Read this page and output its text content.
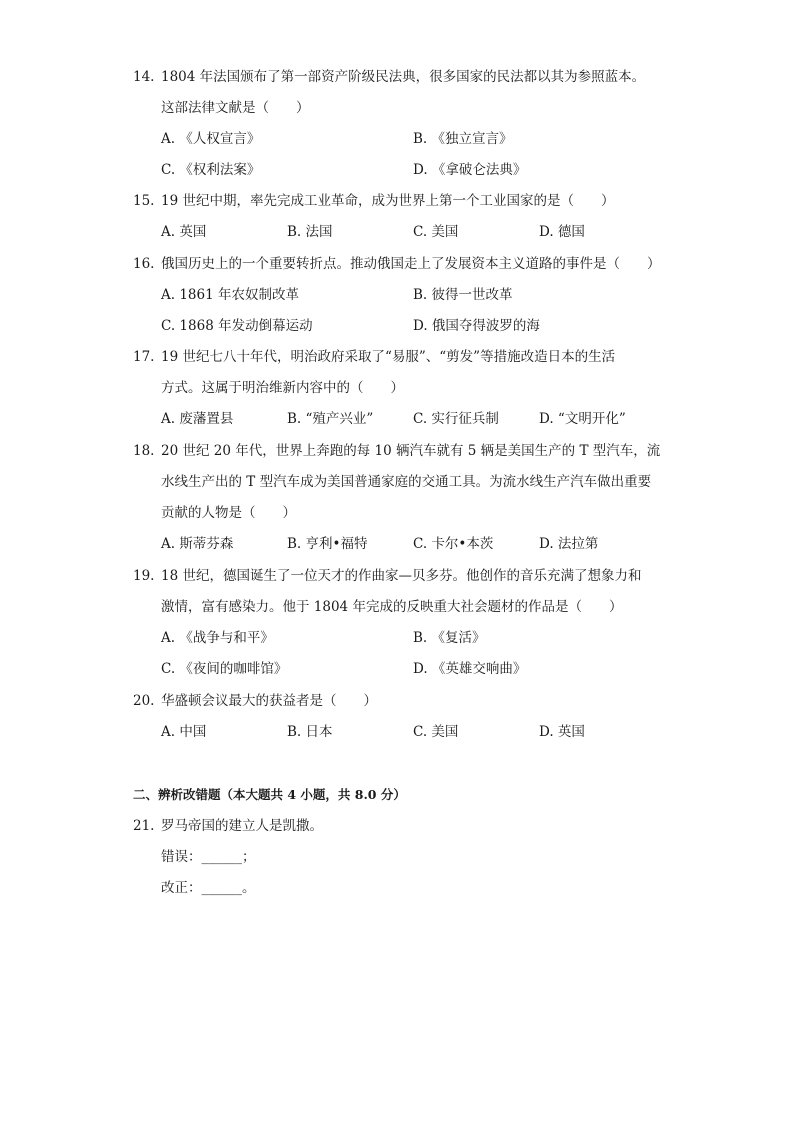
14. 1804 年法国颁布了第一部资产阶级民法典，很多国家的民法都以其为参照蓝本。
这部法律文献是（　　）
A. 《人权宣言》	B. 《独立宣言》
C. 《权利法案》	D. 《拿破仑法典》
15. 19 世纪中期，率先完成工业革命，成为世界上第一个工业国家的是（　　）
A. 英国	B. 法国	C. 美国	D. 德国
16. 俄国历史上的一个重要转折点。推动俄国走上了发展资本主义道路的事件是（　　）
A. 1861 年农奴制改革	B. 彼得一世改革
C. 1868 年发动倒幕运动	D. 俄国夺得波罗的海
17. 19 世纪七八十年代，明治政府采取了“易服”、“剪发”等措施改造日本的生活
方式。这属于明治维新内容中的（　　）
A. 废藩置县	B. “殖产兴业”	C. 实行征兵制	D. “文明开化”
18. 20 世纪 20 年代，世界上奔跑的每 10 辆汽车就有 5 辆是美国生产的 T 型汽车，流
水线生产出的 T 型汽车成为美国普通家庭的交通工具。为流水线生产汽车做出重要
贡献的人物是（　　）
A. 斯蒂芬森	B. 亨利•福特	C. 卡尔•本茨	D. 法拉第
19. 18 世纪，德国诞生了一位天才的作曲家—贝多芬。他创作的音乐充满了想象力和
激情，富有感染力。他于 1804 年完成的反映重大社会题材的作品是（　　）
A. 《战争与和平》	B. 《复活》
C. 《夜间的咖啡馆》	D. 《英雄交响曲》
20. 华盛顿会议最大的获益者是（　　）
A. 中国	B. 日本	C. 美国	D. 英国
二、辨析改错题（本大题共 4 小题，共 8.0 分）
21. 罗马帝国的建立人是凯撒。
错误：______；
改正：______。
